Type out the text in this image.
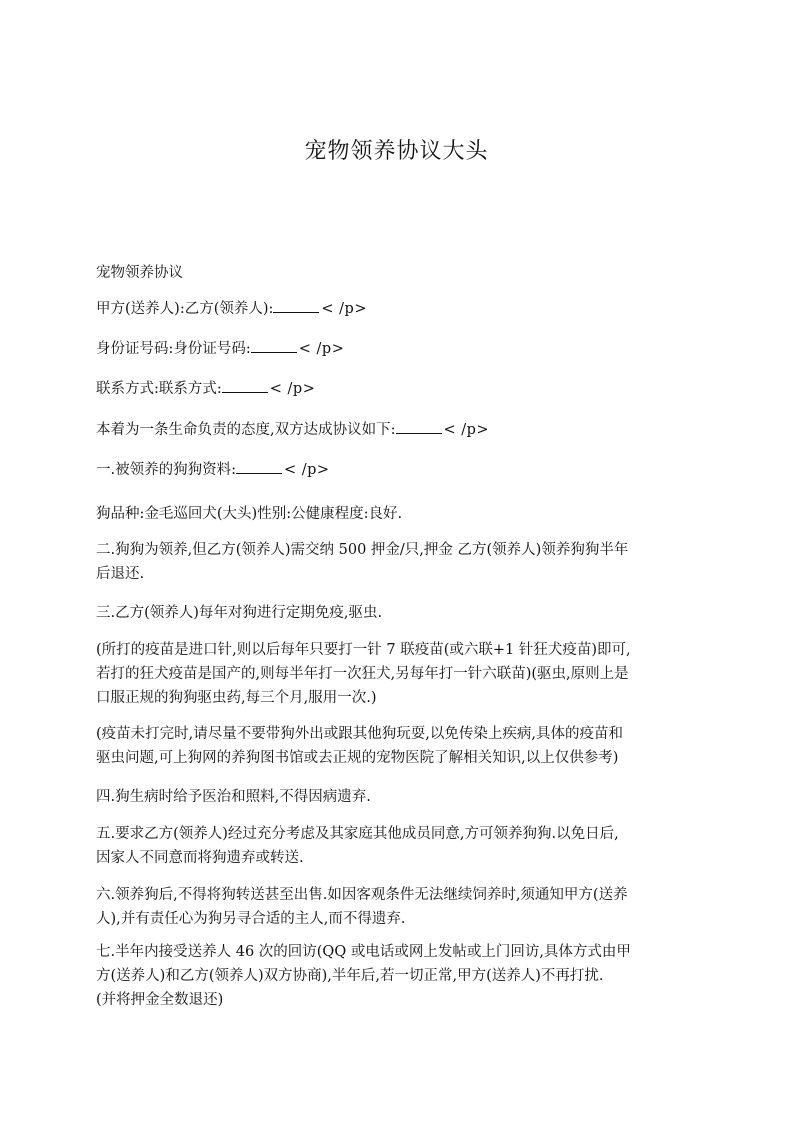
宠物领养协议大头
宠物领养协议
甲方(送养人):乙方(领养人):	< /p>
身份证号码:身份证号码:	< /p>
联系方式:联系方式:	< /p>
本着为一条生命负责的态度,双方达成协议如下:	< /p>
一.被领养的狗狗资料:	< /p>
狗品种:金毛巡回犬(大头)性别:公健康程度:良好.
二.狗狗为领养,但乙方(领养人)需交纳 500 押金/只,押金 乙方(领养人)领养狗狗半年
后退还.
三.乙方(领养人)每年对狗进行定期免疫,驱虫.
(所打的疫苗是进口针,则以后每年只要打一针 7 联疫苗(或六联+1 针狂犬疫苗)即可,
若打的狂犬疫苗是国产的,则每半年打一次狂犬,另每年打一针六联苗)(驱虫,原则上是
口服正规的狗狗驱虫药,每三个月,服用一次.)
(疫苗未打完时,请尽量不要带狗外出或跟其他狗玩耍,以免传染上疾病,具体的疫苗和
驱虫问题,可上狗网的养狗图书馆或去正规的宠物医院了解相关知识,以上仅供参考)
四.狗生病时给予医治和照料,不得因病遗弃.
五.要求乙方(领养人)经过充分考虑及其家庭其他成员同意,方可领养狗狗.以免日后,
因家人不同意而将狗遗弃或转送.
六.领养狗后,不得将狗转送甚至出售.如因客观条件无法继续饲养时,须通知甲方(送养
人),并有责任心为狗另寻合适的主人,而不得遗弃.
七.半年内接受送养人 46 次的回访(QQ 或电话或网上发帖或上门回访,具体方式由甲
方(送养人)和乙方(领养人)双方协商),半年后,若一切正常,甲方(送养人)不再打扰.
(并将押金全数退还)
